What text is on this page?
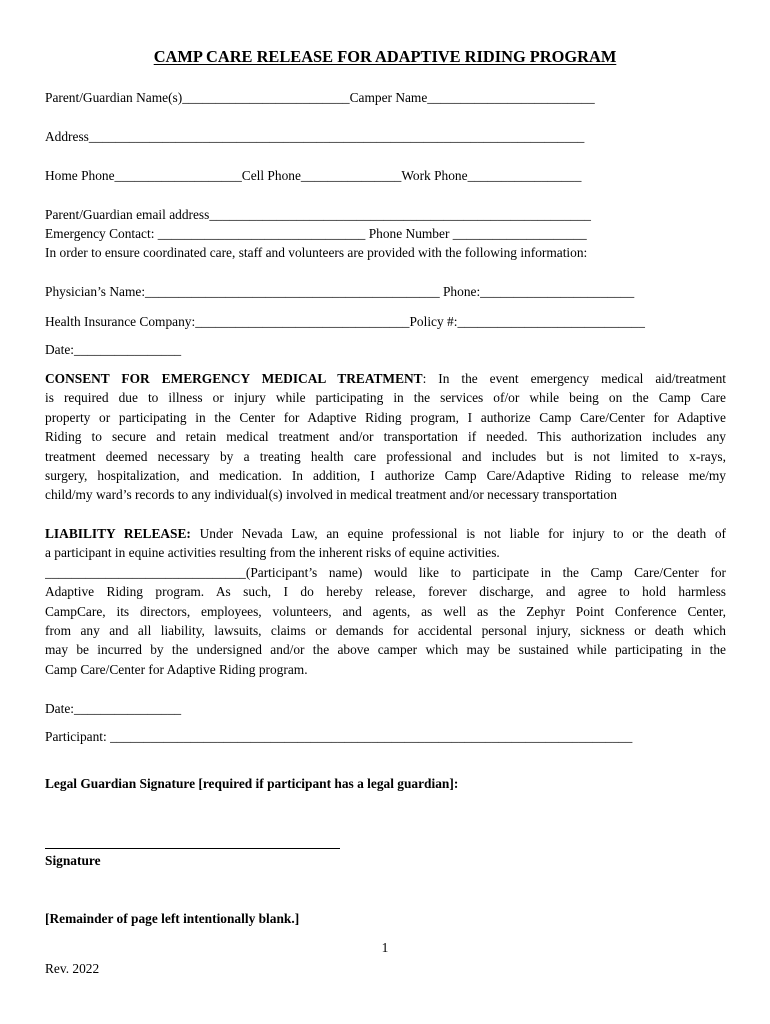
CAMP CARE RELEASE FOR ADAPTIVE RIDING PROGRAM
Parent/Guardian Name(s)_________________________Camper Name_________________________
Address__________________________________________________________________________
Home Phone___________________Cell Phone_______________Work Phone_________________
Parent/Guardian email address_________________________________________________________
Emergency Contact: _______________________________ Phone Number ____________________
In order to ensure coordinated care, staff and volunteers are provided with the following information:
Physician’s Name:____________________________________________ Phone:_______________________
Health Insurance Company:________________________________Policy #:____________________________
Date:________________
CONSENT FOR EMERGENCY MEDICAL TREATMENT: In the event emergency medical aid/treatment
is required due to illness or injury while participating in the services of/or while being on the Camp Care
property or participating in the Center for Adaptive Riding program, I authorize Camp Care/Center for Adaptive
Riding to secure and retain medical treatment and/or transportation if needed. This authorization includes any
treatment deemed necessary by a treating health care professional and includes but is not limited to x-rays,
surgery, hospitalization, and medication. In addition, I authorize Camp Care/Adaptive Riding to release me/my
child/my ward’s records to any individual(s) involved in medical treatment and/or necessary transportation
LIABILITY RELEASE: Under Nevada Law, an equine professional is not liable for injury to or the death of
a participant in equine activities resulting from the inherent risks of equine activities.
______________________________(Participant’s name) would like to participate in the Camp Care/Center for
Adaptive Riding program. As such, I do hereby release, forever discharge, and agree to hold harmless
CampCare, its directors, employees, volunteers, and agents, as well as the Zephyr Point Conference Center,
from any and all liability, lawsuits, claims or demands for accidental personal injury, sickness or death which
may be incurred by the undersigned and/or the above camper which may be sustained while participating in the
Camp Care/Center for Adaptive Riding program.
Date:________________
Participant: ______________________________________________________________________________
Legal Guardian Signature [required if participant has a legal guardian]:
Signature
[Remainder of page left intentionally blank.]
1
Rev. 2022
